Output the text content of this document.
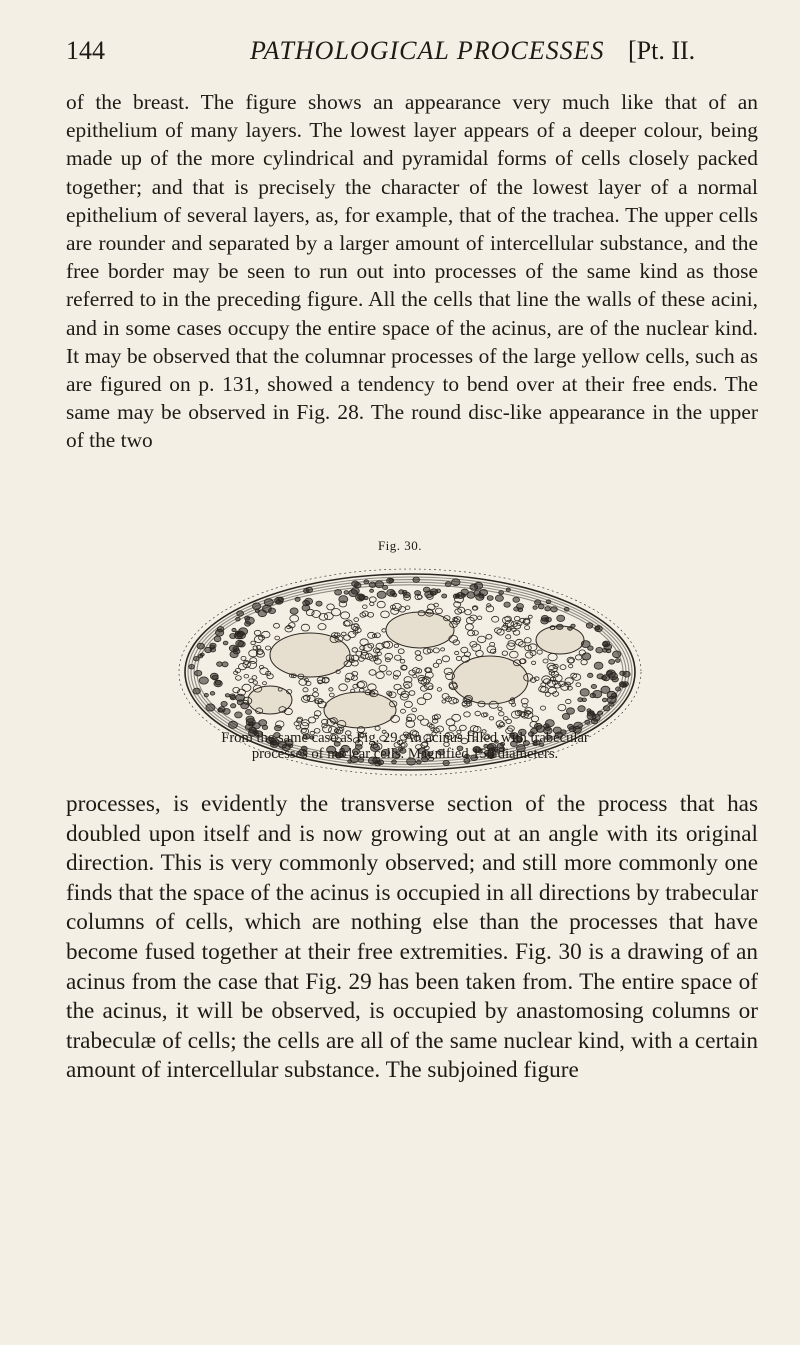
144	PATHOLOGICAL PROCESSES [Pt. II.

of the breast. The figure shows an appearance very much like that of an epithelium of many layers. The lowest layer appears of a deeper colour, being made up of the more cylindrical and pyramidal forms of cells closely packed together; and that is precisely the character of the lowest layer of a normal epithelium of several layers, as, for example, that of the trachea. The upper cells are rounder and separated by a larger amount of intercellular substance, and the free border may be seen to run out into processes of the same kind as those referred to in the preceding figure. All the cells that line the walls of these acini, and in some cases occupy the entire space of the acinus, are of the nuclear kind. It may be observed that the columnar processes of the large yellow cells, such as are figured on p. 131, showed a tendency to bend over at their free ends. The same may be observed in Fig. 28. The round disc-like appearance in the upper of the two

Fig. 30.
From the same case as Fig. 29. An acinus filled with trabecular
processes of nuclear cells. Magnified 150 diameters.

processes, is evidently the transverse section of the process that has doubled upon itself and is now growing out at an angle with its original direction. This is very commonly observed; and still more commonly one finds that the space of the acinus is occupied in all directions by trabecular columns of cells, which are nothing else than the processes that have become fused together at their free extremities. Fig. 30 is a drawing of an acinus from the case that Fig. 29 has been taken from. The entire space of the acinus, it will be observed, is occupied by anastomosing columns or trabeculæ of cells; the cells are all of the same nuclear kind, with a certain amount of intercellular substance. The subjoined figure
